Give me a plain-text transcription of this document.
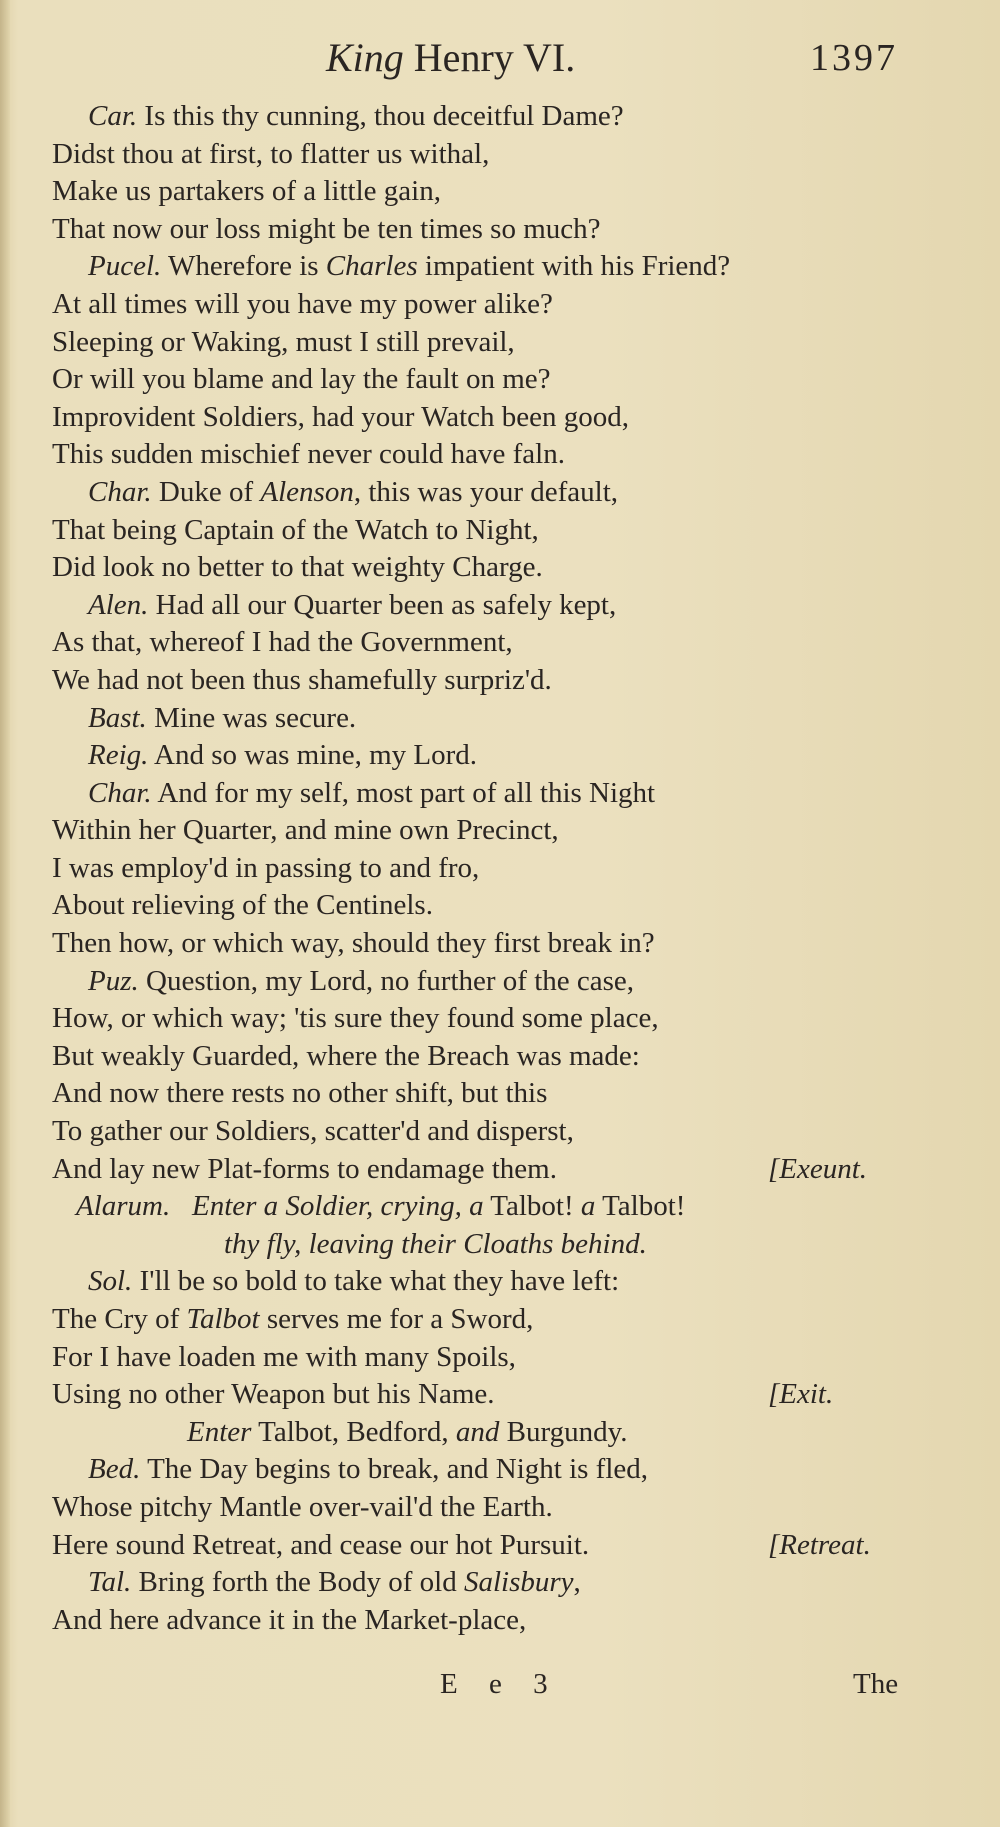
King Henry VI.	1397
Car. Is this thy cunning, thou deceitful Dame?
Didst thou at first, to flatter us withal,
Make us partakers of a little gain,
That now our loss might be ten times so much?
Pucel. Wherefore is Charles impatient with his Friend?
At all times will you have my power alike?
Sleeping or Waking, must I still prevail,
Or will you blame and lay the fault on me?
Improvident Soldiers, had your Watch been good,
This sudden mischief never could have faln.
Char. Duke of Alenson, this was your default,
That being Captain of the Watch to Night,
Did look no better to that weighty Charge.
Alen. Had all our Quarter been as safely kept,
As that, whereof I had the Government,
We had not been thus shamefully surpriz'd.
Bast. Mine was secure.
Reig. And so was mine, my Lord.
Char. And for my self, most part of all this Night
Within her Quarter, and mine own Precinct,
I was employ'd in passing to and fro,
About relieving of the Centinels.
Then how, or which way, should they first break in?
Puz. Question, my Lord, no further of the case,
How, or which way; 'tis sure they found some place,
But weakly Guarded, where the Breach was made:
And now there rests no other shift, but this
To gather our Soldiers, scatter'd and disperst,
And lay new Plat-forms to endamage them.	[Exeunt.
Alarum. Enter a Soldier, crying, a Talbot! a Talbot!
thy fly, leaving their Cloaths behind.
Sol. I'll be so bold to take what they have left:
The Cry of Talbot serves me for a Sword,
For I have loaden me with many Spoils,
Using no other Weapon but his Name.	[Exit.
Enter Talbot, Bedford, and Burgundy.
Bed. The Day begins to break, and Night is fled,
Whose pitchy Mantle over-vail'd the Earth.
Here sound Retreat, and cease our hot Pursuit.	[Retreat.
Tal. Bring forth the Body of old Salisbury,
And here advance it in the Market-place,
E e 3	The
